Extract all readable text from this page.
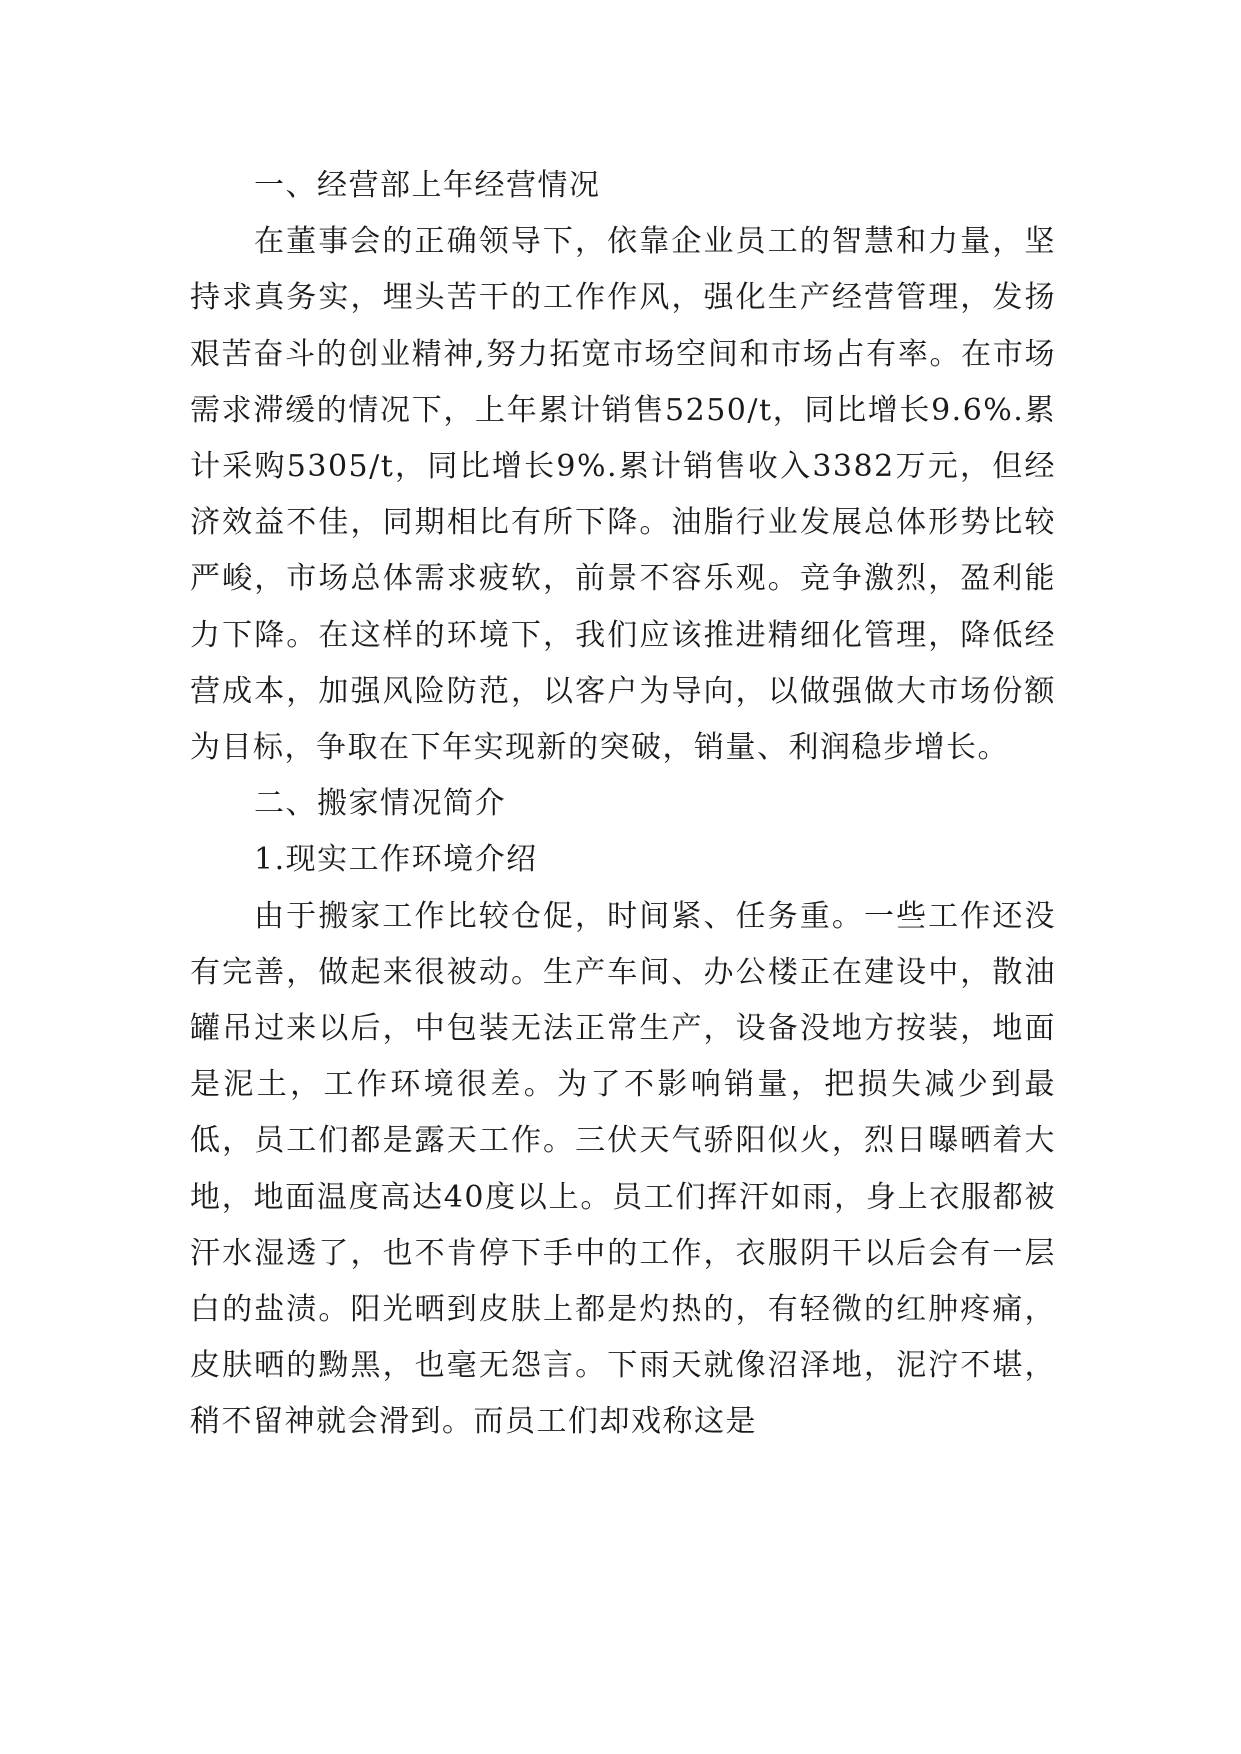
一、经营部上年经营情况

在董事会的正确领导下，依靠企业员工的智慧和力量，坚持求真务实，埋头苦干的工作作风，强化生产经营管理，发扬艰苦奋斗的创业精神,努力拓宽市场空间和市场占有率。在市场需求滞缓的情况下，上年累计销售5250/t，同比增长9.6%.累计采购5305/t，同比增长9%.累计销售收入3382万元，但经济效益不佳，同期相比有所下降。油脂行业发展总体形势比较严峻，市场总体需求疲软，前景不容乐观。竞争激烈，盈利能力下降。在这样的环境下，我们应该推进精细化管理，降低经营成本，加强风险防范，以客户为导向，以做强做大市场份额为目标，争取在下年实现新的突破，销量、利润稳步增长。

二、搬家情况简介

1.现实工作环境介绍

由于搬家工作比较仓促，时间紧、任务重。一些工作还没有完善，做起来很被动。生产车间、办公楼正在建设中，散油罐吊过来以后，中包装无法正常生产，设备没地方按装，地面是泥土，工作环境很差。为了不影响销量，把损失减少到最低，员工们都是露天工作。三伏天气骄阳似火，烈日曝晒着大地，地面温度高达40度以上。员工们挥汗如雨，身上衣服都被汗水湿透了，也不肯停下手中的工作，衣服阴干以后会有一层白的盐渍。阳光晒到皮肤上都是灼热的，有轻微的红肿疼痛，皮肤晒的黝黑，也毫无怨言。下雨天就像沼泽地，泥泞不堪，稍不留神就会滑到。而员工们却戏称这是
